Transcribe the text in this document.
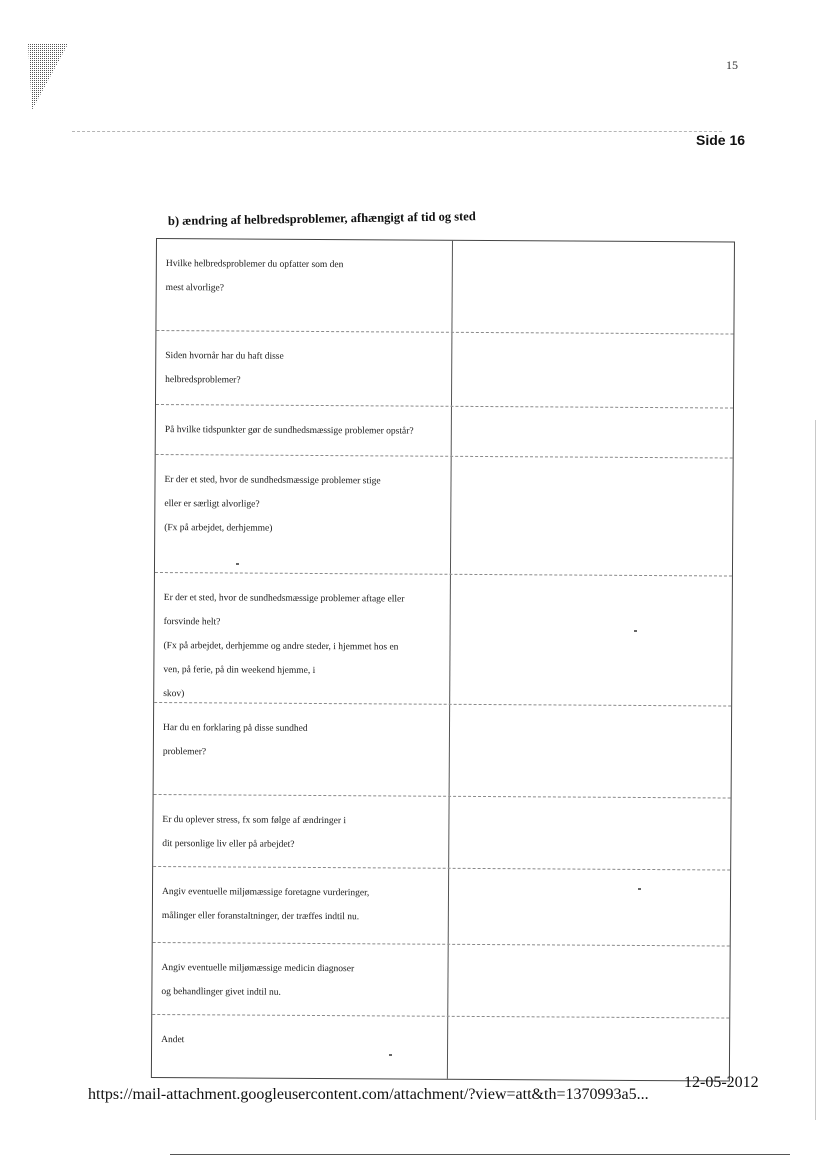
15
Side 16
b) ændring af helbredsproblemer, afhængigt af tid og sted
Hvilke helbredsproblemer du opfatter som den
mest alvorlige?
Siden hvornår har du haft disse
helbredsproblemer?
På hvilke tidspunkter gør de sundhedsmæssige problemer opstår?
Er der et sted, hvor de sundhedsmæssige problemer stige
eller er særligt alvorlige?
(Fx på arbejdet, derhjemme)
Er der et sted, hvor de sundhedsmæssige problemer aftage eller
forsvinde helt?
(Fx på arbejdet, derhjemme og andre steder, i hjemmet hos en
ven, på ferie, på din weekend hjemme, i
skov)
Har du en forklaring på disse sundhed
problemer?
Er du oplever stress, fx som følge af ændringer i
dit personlige liv eller på arbejdet?
Angiv eventuelle miljømæssige foretagne vurderinger,
målinger eller foranstaltninger, der træffes indtil nu.
Angiv eventuelle miljømæssige medicin diagnoser
og behandlinger givet indtil nu.
Andet
12-05-2012
https://mail-attachment.googleusercontent.com/attachment/?view=att&th=1370993a5...
